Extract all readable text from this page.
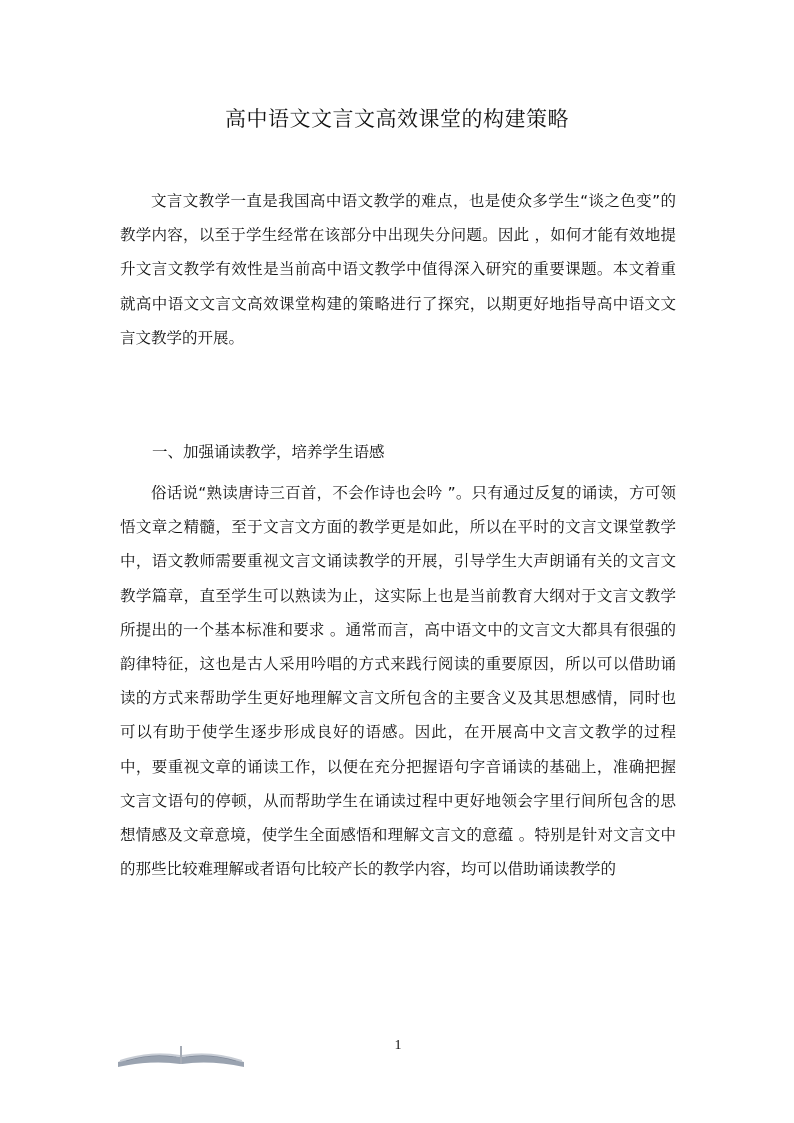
高中语文文言文高效课堂的构建策略
文言文教学一直是我国高中语文教学的难点，也是使众多学生“谈之色变”的教学内容，以至于学生经常在该部分中出现失分问题。因此 ，如何才能有效地提升文言文教学有效性是当前高中语文教学中值得深入研究的重要课题。本文着重就高中语文文言文高效课堂构建的策略进行了探究，以期更好地指导高中语文文言文教学的开展。
一、加强诵读教学，培养学生语感
俗话说“熟读唐诗三百首，不会作诗也会吟 ”。只有通过反复的诵读，方可领悟文章之精髓，至于文言文方面的教学更是如此，所以在平时的文言文课堂教学中，语文教师需要重视文言文诵读教学的开展，引导学生大声朗诵有关的文言文教学篇章，直至学生可以熟读为止，这实际上也是当前教育大纲对于文言文教学所提出的一个基本标准和要求 。通常而言，高中语文中的文言文大都具有很强的韵律特征，这也是古人采用吟唱的方式来践行阅读的重要原因，所以可以借助诵读的方式来帮助学生更好地理解文言文所包含的主要含义及其思想感情，同时也可以有助于使学生逐步形成良好的语感。因此，在开展高中文言文教学的过程中，要重视文章的诵读工作，以便在充分把握语句字音诵读的基础上，准确把握文言文语句的停顿，从而帮助学生在诵读过程中更好地领会字里行间所包含的思想情感及文章意境，使学生全面感悟和理解文言文的意蕴 。特别是针对文言文中的那些比较难理解或者语句比较产长的教学内容，均可以借助诵读教学的
1
